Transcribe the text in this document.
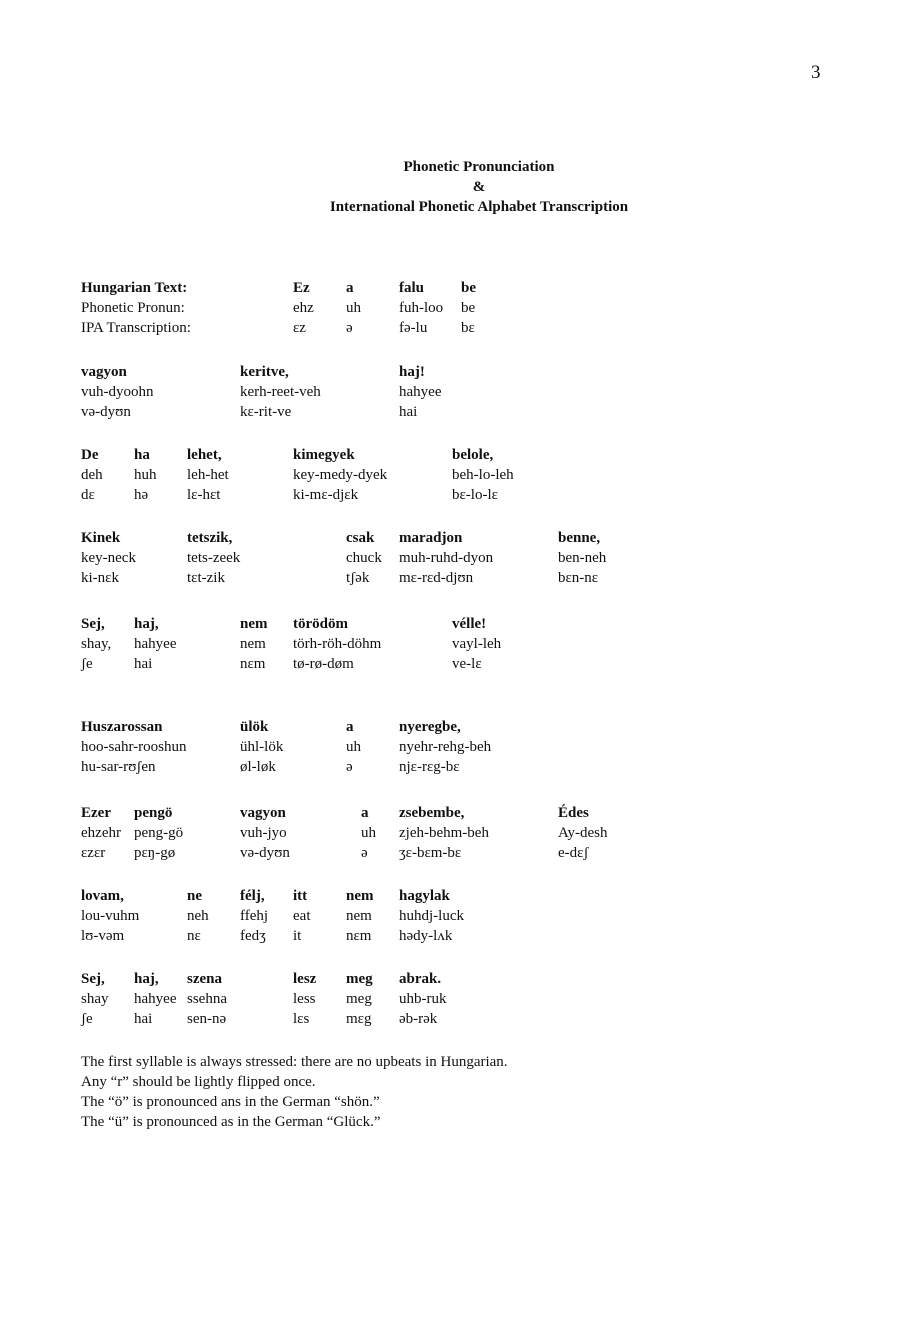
3
Phonetic Pronunciation
&
International Phonetic Alphabet Transcription
Hungarian Text:
Phonetic Pronun:
IPA Transcription:
Ez
ehz
ɛz
a
uh
ə
falu
fuh-loo
fə-lu
be
be
bɛ
vagyon
vuh-dyoohn
və-dyʊn
keritve,
kerh-reet-veh
kɛ-rit-ve
haj!
hahyee
hai
De
deh
dɛ
ha
huh
hə
lehet,
leh-het
lɛ-hɛt
kimegyek
key-medy-dyek
ki-mɛ-djɛk
belole,
beh-lo-leh
bɛ-lo-lɛ
Kinek
key-neck
ki-nɛk
tetszik,
tets-zeek
tɛt-zik
csak
chuck
tʃək
maradjon
muh-ruhd-dyon
mɛ-rɛd-djʊn
benne,
ben-neh
bɛn-nɛ
Sej,
shay,
ʃe
haj,
hahyee
hai
nem
nem
nɛm
törödöm
törh-röh-döhm
tø-rø-døm
vélle!
vayl-leh
ve-lɛ
Huszarossan
hoo-sahr-rooshun
hu-sar-rʊʃen
ülök
ühl-lök
øl-løk
a
uh
ə
nyeregbe,
nyehr-rehg-beh
njɛ-rɛg-bɛ
Ezer
ehzehr
ɛzɛr
pengö
peng-gö
pɛŋ-gø
vagyon
vuh-jyo
və-dyʊn
a
uh
ə
zsebembe,
zjeh-behm-beh
ʒɛ-bɛm-bɛ
Édes
Ay-desh
e-dɛʃ
lovam,
lou-vuhm
lʊ-vəm
ne
neh
nɛ
félj,
ffehj
fedʒ
itt
eat
it
nem
nem
nɛm
hagylak
huhdj-luck
hədy-lʌk
Sej,
shay
ʃe
haj,
hahyee
hai
szena
ssehna
sen-nə
lesz
less
lɛs
meg
meg
mɛg
abrak.
uhb-ruk
əb-rək
The first syllable is always stressed: there are no upbeats in Hungarian.
Any “r” should be lightly flipped once.
The “ö” is pronounced ans in the German “shön.”
The “ü” is pronounced as in the German “Glück.”
